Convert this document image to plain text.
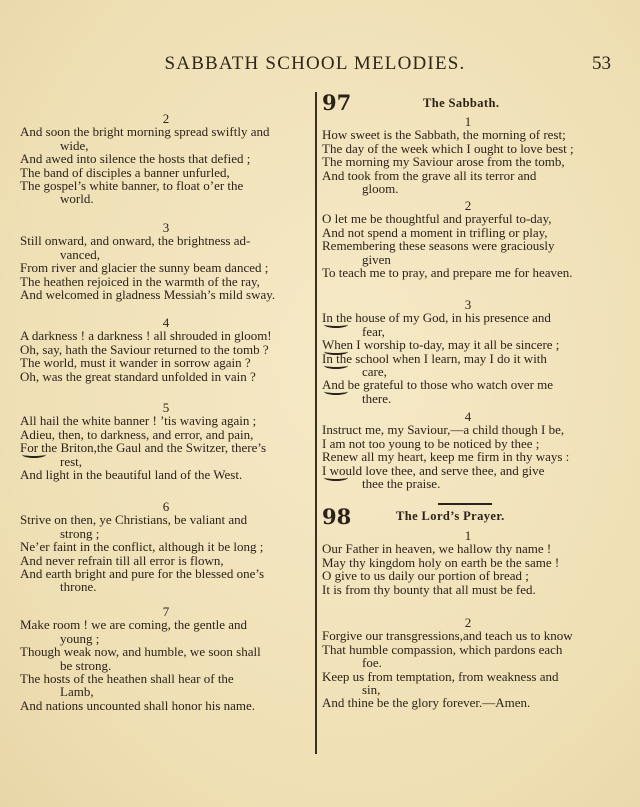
SABBATH SCHOOL MELODIES.	53
97	The Sabbath.
98	The Lord’s Prayer.
2
And soon the bright morning spread swiftly and
wide,
And awed into silence the hosts that defied ;
The band of disciples a banner unfurled,
The gospel’s white banner, to float o’er the
world.
3
Still onward, and onward, the brightness ad-
vanced,
From river and glacier the sunny beam danced ;
The heathen rejoiced in the warmth of the ray,
And welcomed in gladness Messiah’s mild sway.
4
A darkness ! a darkness ! all shrouded in gloom!
Oh, say, hath the Saviour returned to the tomb ?
The world, must it wander in sorrow again ?
Oh, was the great standard unfolded in vain ?
5
All hail the white banner ! ’tis waving again ;
Adieu, then, to darkness, and error, and pain,
For the Briton,the Gaul and the Switzer, there’s
rest,
And light in the beautiful land of the West.
6
Strive on then, ye Christians, be valiant and
strong ;
Ne’er faint in the conflict, although it be long ;
And never refrain till all error is flown,
And earth bright and pure for the blessed one’s
throne.
7
Make room ! we are coming, the gentle and
young ;
Though weak now, and humble, we soon shall
be strong.
The hosts of the heathen shall hear of the
Lamb,
And nations uncounted shall honor his name.
1
How sweet is the Sabbath, the morning of rest;
The day of the week which I ought to love best ;
The morning my Saviour arose from the tomb,
And took from the grave all its terror and
gloom.
2
O let me be thoughtful and prayerful to-day,
And not spend a moment in trifling or play,
Remembering these seasons were graciously
given
To teach me to pray, and prepare me for heaven.
3
In the house of my God, in his presence and
fear,
When I worship to-day, may it all be sincere ;
In the school when I learn, may I do it with
care,
And be grateful to those who watch over me
there.
4
Instruct me, my Saviour,—a child though I be,
I am not too young to be noticed by thee ;
Renew all my heart, keep me firm in thy ways :
I would love thee, and serve thee, and give
thee the praise.
1
Our Father in heaven, we hallow thy name !
May thy kingdom holy on earth be the same !
O give to us daily our portion of bread ;
It is from thy bounty that all must be fed.
2
Forgive our transgressions,and teach us to know
That humble compassion, which pardons each
foe.
Keep us from temptation, from weakness and
sin,
And thine be the glory forever.—Amen.
